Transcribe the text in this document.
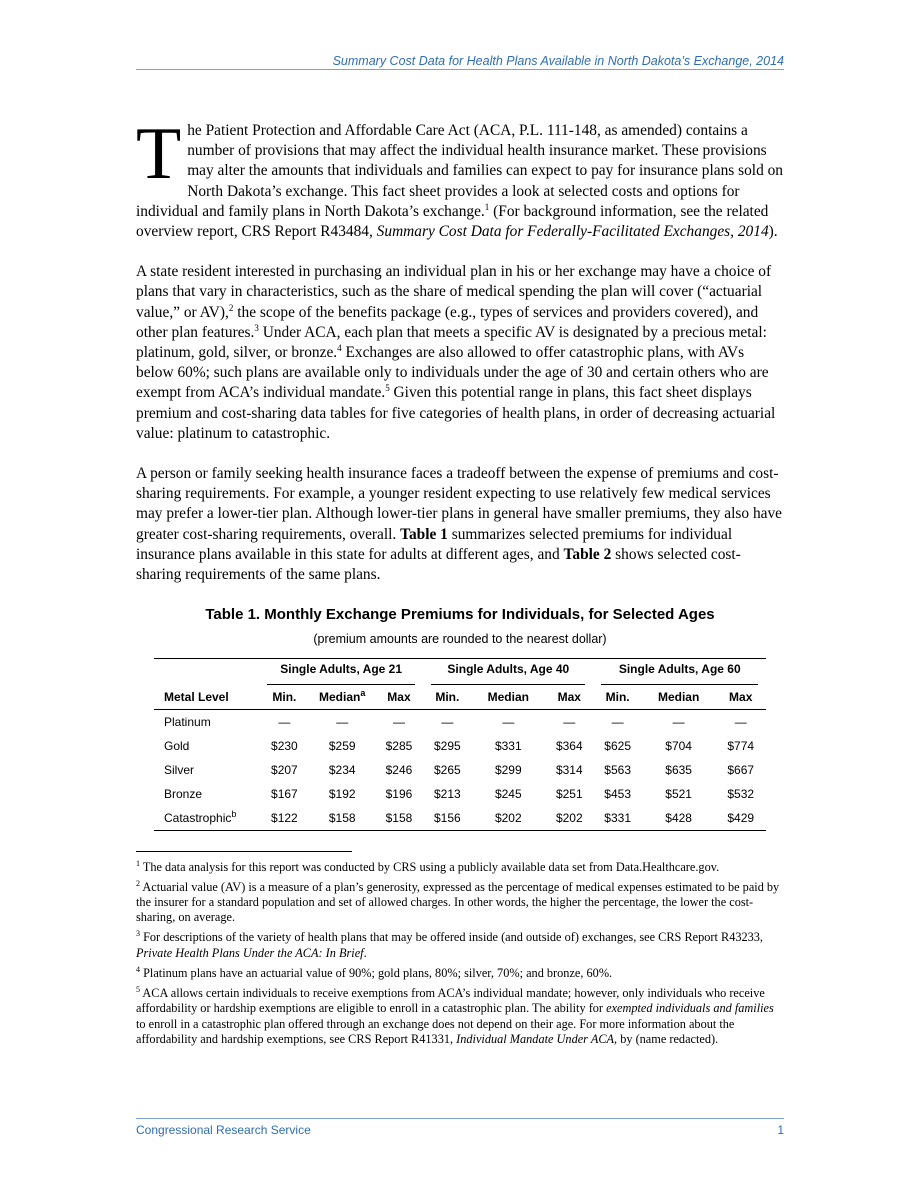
Summary Cost Data for Health Plans Available in North Dakota’s Exchange, 2014

The Patient Protection and Affordable Care Act (ACA, P.L. 111-148, as amended) contains a number of provisions that may affect the individual health insurance market. These provisions may alter the amounts that individuals and families can expect to pay for insurance plans sold on North Dakota’s exchange. This fact sheet provides a look at selected costs and options for individual and family plans in North Dakota’s exchange.$^1$ (For background information, see the related overview report, CRS Report R43484, Summary Cost Data for Federally-Facilitated Exchanges, 2014).

A state resident interested in purchasing an individual plan in his or her exchange may have a choice of plans that vary in characteristics, such as the share of medical spending the plan will cover (“actuarial value,” or AV),$^2$ the scope of the benefits package (e.g., types of services and providers covered), and other plan features.$^3$ Under ACA, each plan that meets a specific AV is designated by a precious metal: platinum, gold, silver, or bronze.$^4$ Exchanges are also allowed to offer catastrophic plans, with AVs below 60%; such plans are available only to individuals under the age of 30 and certain others who are exempt from ACA’s individual mandate.$^5$ Given this potential range in plans, this fact sheet displays premium and cost-sharing data tables for five categories of health plans, in order of decreasing actuarial value: platinum to catastrophic.

A person or family seeking health insurance faces a tradeoff between the expense of premiums and cost-sharing requirements. For example, a younger resident expecting to use relatively few medical services may prefer a lower-tier plan. Although lower-tier plans in general have smaller premiums, they also have greater cost-sharing requirements, overall. Table 1 summarizes selected premiums for individual insurance plans available in this state for adults at different ages, and Table 2 shows selected cost-sharing requirements of the same plans.

Table 1. Monthly Exchange Premiums for Individuals, for Selected Ages
(premium amounts are rounded to the nearest dollar)

	Single Adults, Age 21			Single Adults, Age 40			Single Adults, Age 60		

Metal Level	Min.	Median$^a$	Max	Min.	Median	Max	Min.	Median	Max
Platinum	—	—	—	—	—	—	—	—	—
Gold	$230	$259	$285	$295	$331	$364	$625	$704	$774
Silver	$207	$234	$246	$265	$299	$314	$563	$635	$667
Bronze	$167	$192	$196	$213	$245	$251	$453	$521	$532
Catastrophic$^b$	$122	$158	$158	$156	$202	$202	$331	$428	$429

$^1$ The data analysis for this report was conducted by CRS using a publicly available data set from Data.Healthcare.gov.

$^2$ Actuarial value (AV) is a measure of a plan’s generosity, expressed as the percentage of medical expenses estimated to be paid by the insurer for a standard population and set of allowed charges. In other words, the higher the percentage, the lower the cost-sharing, on average.

$^3$ For descriptions of the variety of health plans that may be offered inside (and outside of) exchanges, see CRS Report R43233, Private Health Plans Under the ACA: In Brief.

$^4$ Platinum plans have an actuarial value of 90%; gold plans, 80%; silver, 70%; and bronze, 60%.

$^5$ ACA allows certain individuals to receive exemptions from ACA’s individual mandate; however, only individuals who receive affordability or hardship exemptions are eligible to enroll in a catastrophic plan. The ability for exempted individuals and families to enroll in a catastrophic plan offered through an exchange does not depend on their age. For more information about the affordability and hardship exemptions, see CRS Report R41331, Individual Mandate Under ACA, by (name redacted).

Congressional Research Service	1
